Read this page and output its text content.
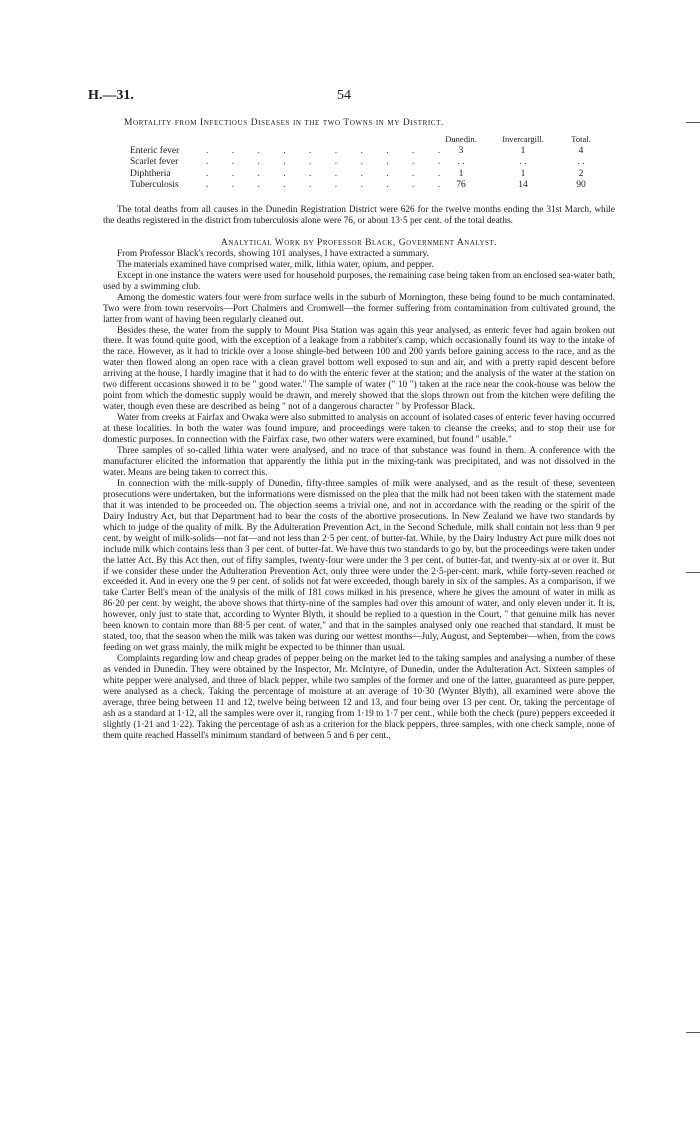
H.—31.	54
Mortality from Infectious Diseases in the two Towns in my District.
Dunedin.	Invercargill.	Total.
Enteric fever	. . . . . . . . . .	3	1	4
Scarlet fever	. . . . . . . . . .	. .	. .	. .
Diphtheria	. . . . . . . . . .	1	1	2
Tuberculosis	. . . . . . . . . .	76	14	90

The total deaths from all causes in the Dunedin Registration District were 626 for the twelve months ending the 31st March, while the deaths registered in the district from tuberculosis alone were 76, or about 13·5 per cent. of the total deaths.

Analytical Work by Professor Black, Government Analyst.

From Professor Black's records, showing 101 analyses, I have extracted a summary.

The materials examined have comprised water, milk, lithia water, opium, and pepper.

Except in one instance the waters were used for household purposes, the remaining case being taken from an enclosed sea-water bath, used by a swimming club.

Among the domestic waters four were from surface wells in the suburb of Mornington, these being found to be much contaminated. Two were from town reservoirs—Port Chalmers and Cromwell—the former suffering from contamination from cultivated ground, the latter from want of having been regularly cleaned out.

Besides these, the water from the supply to Mount Pisa Station was again this year analysed, as enteric fever had again broken out there. It was found quite good, with the exception of a leakage from a rabbiter's camp, which occasionally found its way to the intake of the race. However, as it had to trickle over a loose shingle-bed between 100 and 200 yards before gaining access to the race, and as the water then flowed along an open race with a clean gravel bottom well exposed to sun and air, and with a pretty rapid descent before arriving at the house, I hardly imagine that it had to do with the enteric fever at the station; and the analysis of the water at the station on two different occasions showed it to be " good water." The sample of water (" 10 ") taken at the race near the cook-house was below the point from which the domestic supply would be drawn, and merely showed that the slops thrown out from the kitchen were defiling the water, though even these are described as being " not of a dangerous character " by Professor Black.

Water from creeks at Fairfax and Owaka were also submitted to analysis on account of isolated cases of enteric fever having occurred at these localities. In both the water was found impure, and proceedings were taken to cleanse the creeks, and to stop their use for domestic purposes. In connection with the Fairfax case, two other waters were examined, but found " usable."

Three samples of so-called lithia water were analysed, and no trace of that substance was found in them. A conference with the manufacturer elicited the information that apparently the lithia put in the mixing-tank was precipitated, and was not dissolved in the water. Means are being taken to correct this.

In connection with the milk-supply of Dunedin, fifty-three samples of milk were analysed, and as the result of these, seventeen prosecutions were undertaken, but the informations were dismissed on the plea that the milk had not been taken with the statement made that it was intended to be proceeded on. The objection seems a trivial one, and not in accordance with the reading or the spirit of the Dairy Industry Act, but that Department had to bear the costs of the abortive prosecutions. In New Zealand we have two standards by which to judge of the quality of milk. By the Adulteration Prevention Act, in the Second Schedule, milk shall contain not less than 9 per cent. by weight of milk-solids—not fat—and not less than 2·5 per cent. of butter-fat. While, by the Dairy Industry Act pure milk does not include milk which contains less than 3 per cent. of butter-fat. We have thus two standards to go by, but the proceedings were taken under the latter Act. By this Act then, out of fifty samples, twenty-four were under the 3 per cent. of butter-fat, and twenty-six at or over it. But if we consider these under the Adulteration Prevention Act, only three were under the 2·5-per-cent. mark, while forty-seven reached or exceeded it. And in every one the 9 per cent. of solids not fat were exceeded, though barely in six of the samples. As a comparison, if we take Carter Bell's mean of the analysis of the milk of 181 cows milked in his presence, where he gives the amount of water in milk as 86·20 per cent. by weight, the above shows that thirty-nine of the samples had over this amount of water, and only eleven under it. It is, however, only just to state that, according to Wynter Blyth, it should be replied to a question in the Court, " that genuine milk has never been known to contain more than 88·5 per cent. of water," and that in the samples analysed only one reached that standard. It must be stated, too, that the season when the milk was taken was during our wettest months—July, August, and September—when, from the cows feeding on wet grass mainly, the milk might be expected to be thinner than usual.

Complaints regarding low and cheap grades of pepper being on the market led to the taking samples and analysing a number of these as vended in Dunedin. They were obtained by the Inspector, Mr. McIntyre, of Dunedin, under the Adulteration Act. Sixteen samples of white pepper were analysed, and three of black pepper, while two samples of the former and one of the latter, guaranteed as pure pepper, were analysed as a check. Taking the percentage of moisture at an average of 10·30 (Wynter Blyth), all examined were above the average, three being between 11 and 12, twelve being between 12 and 13, and four being over 13 per cent. Or, taking the percentage of ash as a standard at 1·12, all the samples were over it, ranging from 1·19 to 1·7 per cent., while both the check (pure) peppers exceeded it slightly (1·21 and 1·22). Taking the percentage of ash as a criterion for the black peppers, three samples, with one check sample, none of them quite reached Hassell's minimum standard of between 5 and 6 per cent.,
